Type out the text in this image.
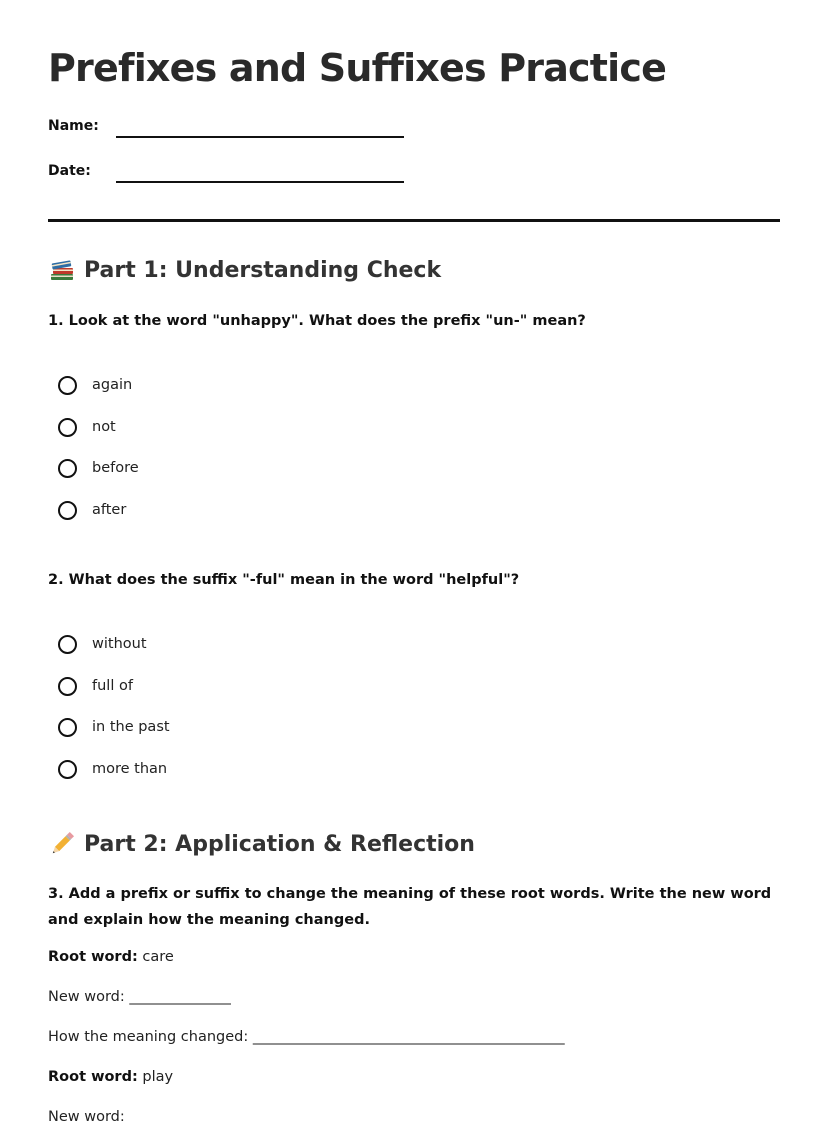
Prefixes and Suffixes Practice
Name:
Date:
Part 1: Understanding Check

1. Look at the word "unhappy". What does the prefix "un-" mean?

again
not
before
after

2. What does the suffix "-ful" mean in the word "helpful"?

without
full of
in the past
more than
Part 2: Application & Reflection

3. Add a prefix or suffix to change the meaning of these root words. Write the new word and explain how the meaning changed.

Root word: care
New word: ______________
How the meaning changed: ___________________________________________
Root word: play
New word:
